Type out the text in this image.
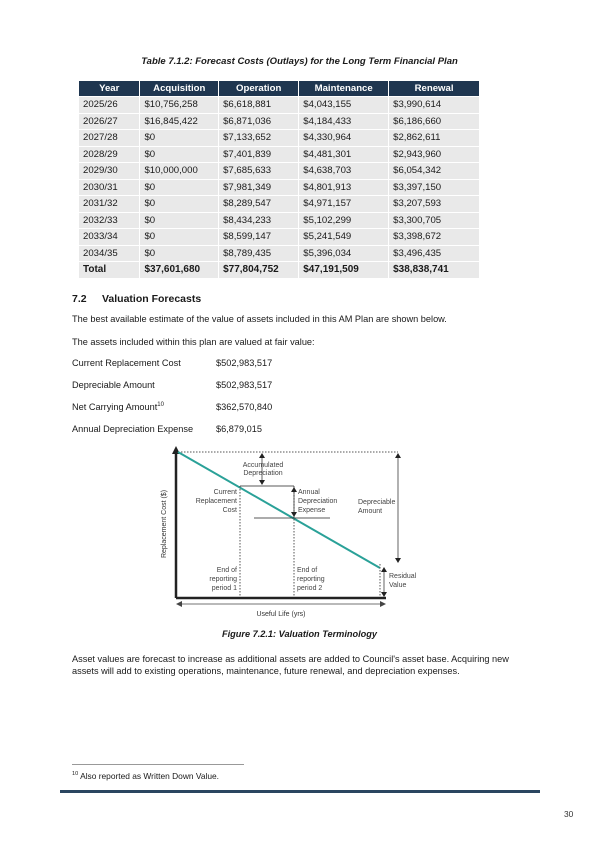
Table 7.1.2: Forecast Costs (Outlays) for the Long Term Financial Plan
Year	Acquisition	Operation	Maintenance	Renewal
2025/26	$10,756,258	$6,618,881	$4,043,155	$3,990,614
2026/27	$16,845,422	$6,871,036	$4,184,433	$6,186,660
2027/28	$0	$7,133,652	$4,330,964	$2,862,611
2028/29	$0	$7,401,839	$4,481,301	$2,943,960
2029/30	$10,000,000	$7,685,633	$4,638,703	$6,054,342
2030/31	$0	$7,981,349	$4,801,913	$3,397,150
2031/32	$0	$8,289,547	$4,971,157	$3,207,593
2032/33	$0	$8,434,233	$5,102,299	$3,300,705
2033/34	$0	$8,599,147	$5,241,549	$3,398,672
2034/35	$0	$8,789,435	$5,396,034	$3,496,435
Total	$37,601,680	$77,804,752	$47,191,509	$38,838,741
7.2 Valuation Forecasts
The best available estimate of the value of assets included in this AM Plan are shown below.
The assets included within this plan are valued at fair value:
Current Replacement Cost	$502,983,517
Depreciable Amount	$502,983,517
Net Carrying Amount$^{10}$	$362,570,840
Annual Depreciation Expense $6,879,015
Replacement Cost ($)
Useful Life (yrs)
Accumulated
Depreciation
Current
Replacement
Cost
Annual
Depreciation
Expense
Depreciable
Amount
End of
reporting
period 1
End of
reporting
period 2
Residual
Value
Figure 7.2.1: Valuation Terminology
Asset values are forecast to increase as additional assets are added to Council's asset base. Acquiring new assets will add to existing operations, maintenance, future renewal, and depreciation expenses.
$^{10}$ Also reported as Written Down Value.
30
